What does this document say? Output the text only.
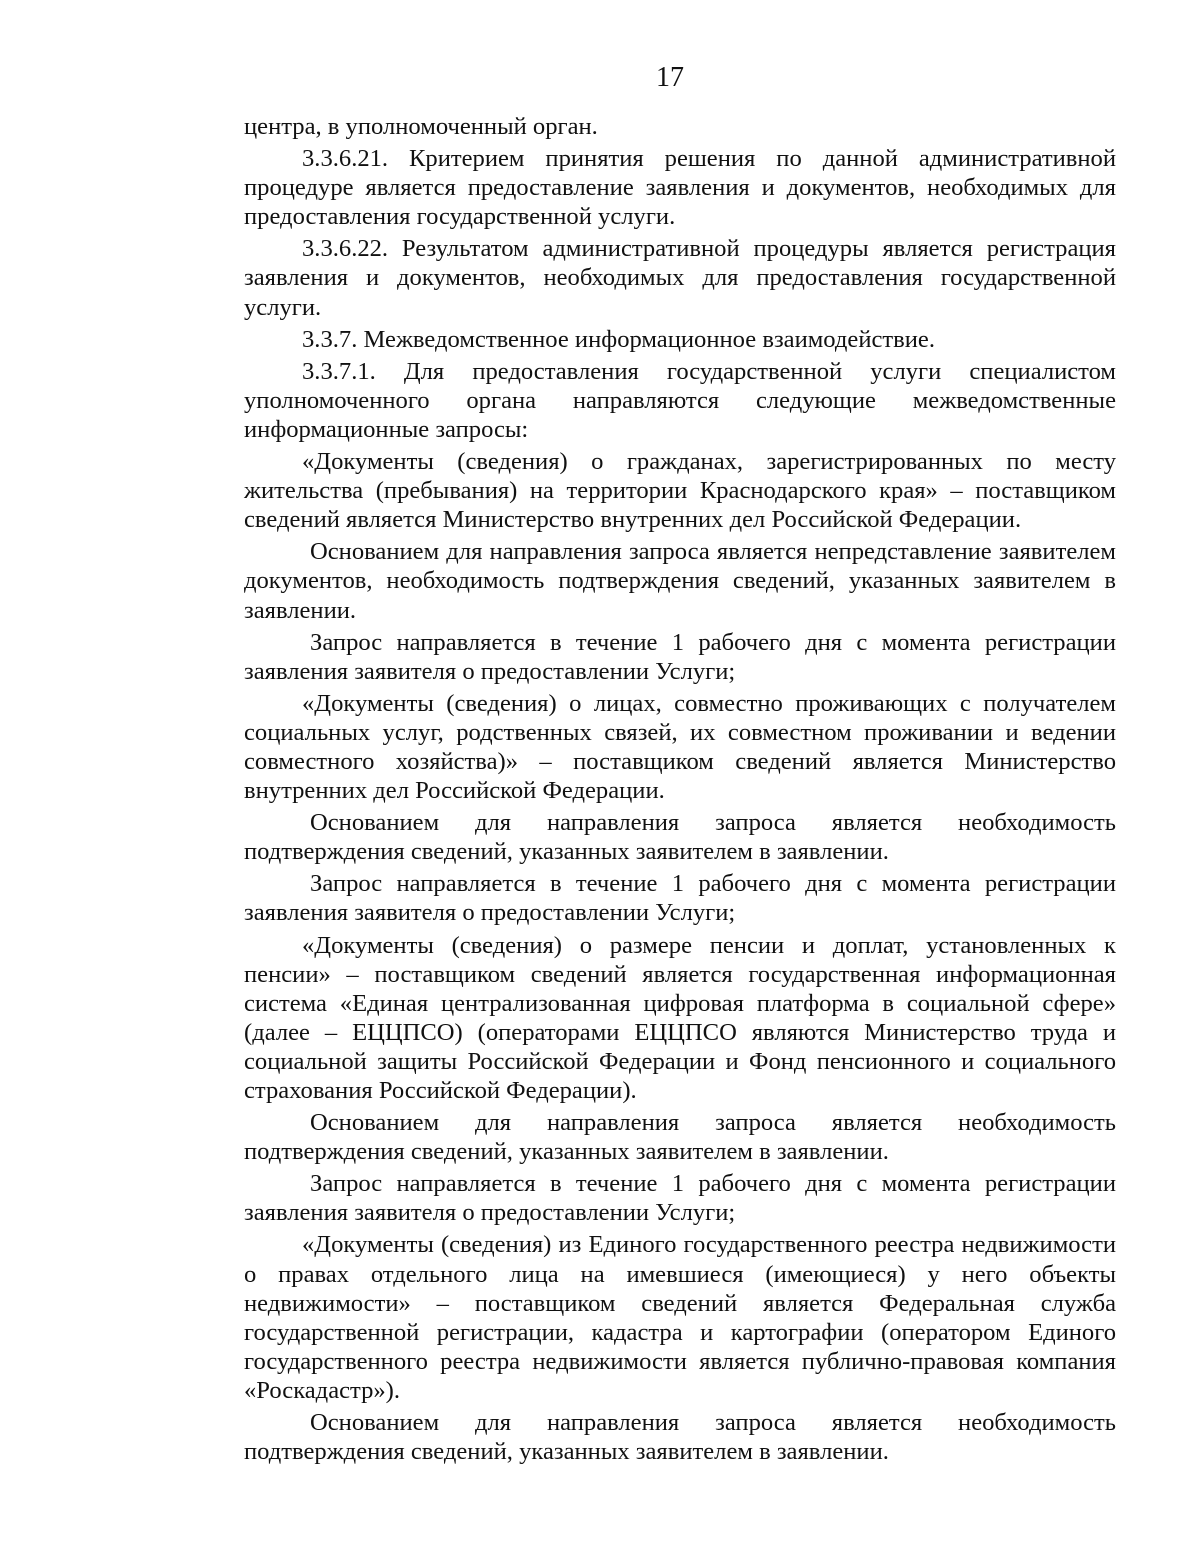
17

центра, в уполномоченный орган.

3.3.6.21. Критерием принятия решения по данной административной процедуре является предоставление заявления и документов, необходимых для предоставления государственной услуги.

3.3.6.22. Результатом административной процедуры является регистрация заявления и документов, необходимых для предоставления государственной услуги.

3.3.7. Межведомственное информационное взаимодействие.

3.3.7.1. Для предоставления государственной услуги специалистом уполномоченного органа направляются следующие межведомственные информационные запросы:

«Документы (сведения) о гражданах, зарегистрированных по месту жительства (пребывания) на территории Краснодарского края» – поставщиком сведений является Министерство внутренних дел Российской Федерации.

Основанием для направления запроса является непредставление заявителем документов, необходимость подтверждения сведений, указанных заявителем в заявлении.

Запрос направляется в течение 1 рабочего дня с момента регистрации заявления заявителя о предоставлении Услуги;

«Документы (сведения) о лицах, совместно проживающих с получателем социальных услуг, родственных связей, их совместном проживании и ведении совместного хозяйства)» – поставщиком сведений является Министерство внутренних дел Российской Федерации.

Основанием для направления запроса является необходимость подтверждения сведений, указанных заявителем в заявлении.

Запрос направляется в течение 1 рабочего дня с момента регистрации заявления заявителя о предоставлении Услуги;

«Документы (сведения) о размере пенсии и доплат, установленных к пенсии» – поставщиком сведений является государственная информационная система «Единая централизованная цифровая платформа в социальной сфере» (далее – ЕЦЦПСО) (операторами ЕЦЦПСО являются Министерство труда и социальной защиты Российской Федерации и Фонд пенсионного и социального страхования Российской Федерации).

Основанием для направления запроса является необходимость подтверждения сведений, указанных заявителем в заявлении.

Запрос направляется в течение 1 рабочего дня с момента регистрации заявления заявителя о предоставлении Услуги;

«Документы (сведения) из Единого государственного реестра недвижимости о правах отдельного лица на имевшиеся (имеющиеся) у него объекты недвижимости» – поставщиком сведений является Федеральная служба государственной регистрации, кадастра и картографии (оператором Единого государственного реестра недвижимости является публично-правовая компания «Роскадастр»).

Основанием для направления запроса является необходимость подтверждения сведений, указанных заявителем в заявлении.
